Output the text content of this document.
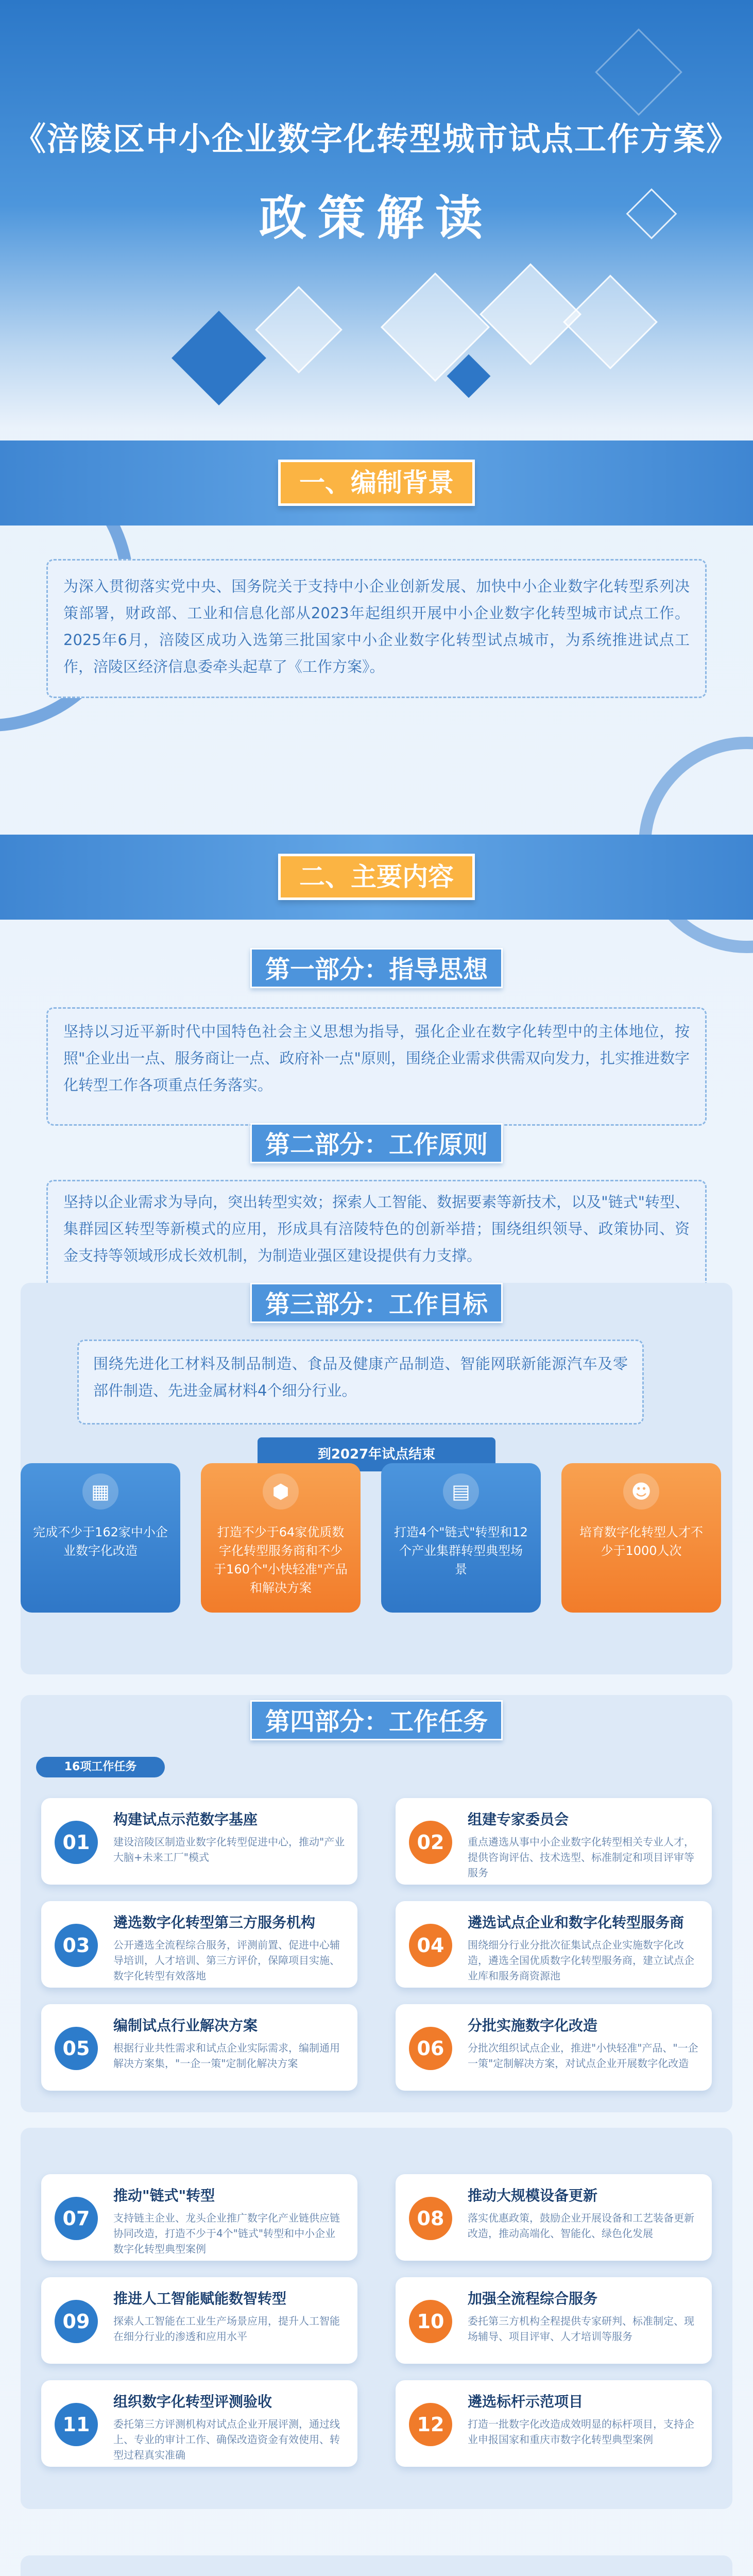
《涪陵区中小企业数字化转型城市试点工作方案》
政策解读
一、编制背景

为深入贯彻落实党中央、国务院关于支持中小企业创新发展、加快中小企业数字化转型系列决策部署，财政部、工业和信息化部从2023年起组织开展中小企业数字化转型城市试点工作。2025年6月，涪陵区成功入选第三批国家中小企业数字化转型试点城市，为系统推进试点工作，涪陵区经济信息委牵头起草了《工作方案》。

二、主要内容
第一部分：指导思想

坚持以习近平新时代中国特色社会主义思想为指导，强化企业在数字化转型中的主体地位，按照"企业出一点、服务商让一点、政府补一点"原则，围绕企业需求供需双向发力，扎实推进数字化转型工作各项重点任务落实。

第二部分：工作原则

坚持以企业需求为导向，突出转型实效；探索人工智能、数据要素等新技术，以及"链式"转型、集群园区转型等新模式的应用，形成具有涪陵特色的创新举措；围绕组织领导、政策协同、资金支持等领域形成长效机制，为制造业强区建设提供有力支撑。

第三部分：工作目标

围绕先进化工材料及制品制造、食品及健康产品制造、智能网联新能源汽车及零部件制造、先进金属材料4个细分行业。

到2027年试点结束
▦
完成不少于162家中小企业数字化改造
⬢
打造不少于64家优质数字化转型服务商和不少于160个"小快轻准"产品和解决方案
▤
打造4个"链式"转型和12个产业集群转型典型场景
☻
培育数字化转型人才不少于1000人次
第四部分：工作任务
16项工作任务
01
构建试点示范数字基座
建设涪陵区制造业数字化转型促进中心，推动"产业大脑+未来工厂"模式
02
组建专家委员会
重点遴选从事中小企业数字化转型相关专业人才，提供咨询评估、技术选型、标准制定和项目评审等服务
03
遴选数字化转型第三方服务机构
公开遴选全流程综合服务，评测前置、促进中心辅导培训，人才培训、第三方评价，保障项目实施、数字化转型有效落地
04
遴选试点企业和数字化转型服务商
围绕细分行业分批次征集试点企业实施数字化改造，遴选全国优质数字化转型服务商，建立试点企业库和服务商资源池
05
编制试点行业解决方案
根据行业共性需求和试点企业实际需求，编制通用解决方案集，"一企一策"定制化解决方案
06
分批实施数字化改造
分批次组织试点企业，推进"小快轻准"产品、"一企一策"定制解决方案，对试点企业开展数字化改造
07
推动"链式"转型
支持链主企业、龙头企业推广数字化产业链供应链协同改造，打造不少于4个"链式"转型和中小企业数字化转型典型案例
08
推动大规模设备更新
落实优惠政策，鼓励企业开展设备和工艺装备更新改造，推动高端化、智能化、绿色化发展
09
推进人工智能赋能数智转型
探索人工智能在工业生产场景应用，提升人工智能在细分行业的渗透和应用水平
10
加强全流程综合服务
委托第三方机构全程提供专家研判、标准制定、现场辅导、项目评审、人才培训等服务
11
组织数字化转型评测验收
委托第三方评测机构对试点企业开展评测，通过线上、专业的审计工作、确保改造资金有效使用、转型过程真实准确
12
遴选标杆示范项目
打造一批数字化改造成效明显的标杆项目，支持企业申报国家和重庆市数字化转型典型案例
